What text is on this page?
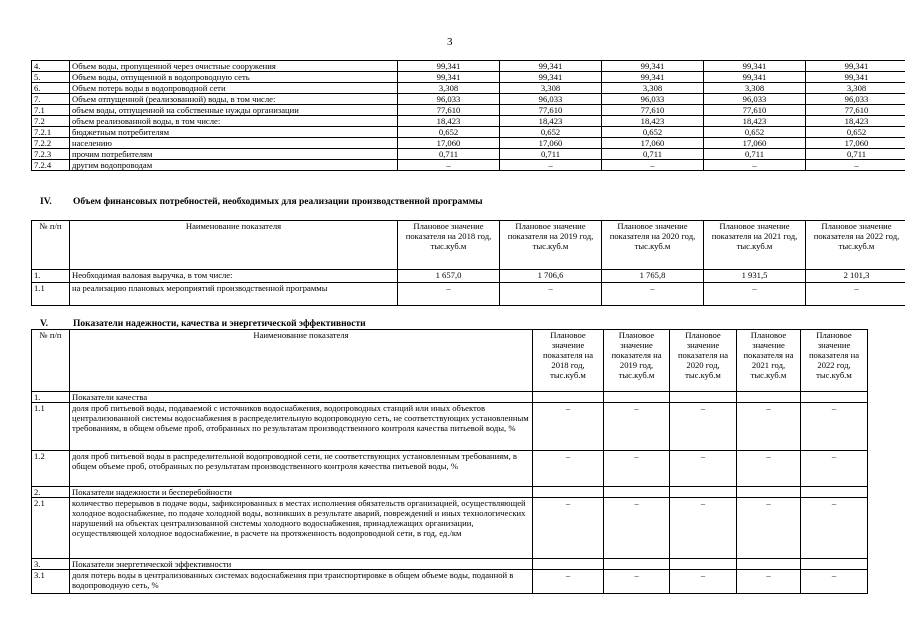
3
4.	Объем воды, пропущенной через очистные сооружения	99,341	99,341	99,341	99,341	99,341
5.	Объем воды, отпущенной в водопроводную сеть	99,341	99,341	99,341	99,341	99,341
6.	Объем потерь воды в водопроводной сети	3,308	3,308	3,308	3,308	3,308
7.	Объем отпущенной (реализованной) воды, в том числе:	96,033	96,033	96,033	96,033	96,033
7.1	объем воды, отпущенной на собственные нужды организации	77,610	77,610	77,610	77,610	77,610
7.2	объем реализованной воды, в том числе:	18,423	18,423	18,423	18,423	18,423
7.2.1	бюджетным потребителям	0,652	0,652	0,652	0,652	0,652
7.2.2	населению	17,060	17,060	17,060	17,060	17,060
7.2.3	прочим потребителям	0,711	0,711	0,711	0,711	0,711
7.2.4	другим водопроводам	–	–	–	–	–
IV. Объем финансовых потребностей, необходимых для реализации производственной программы
№ п/п	Наименование показателя	Плановое значение показателя на 2018 год, тыс.куб.м	Плановое значение показателя на 2019 год, тыс.куб.м	Плановое значение показателя на 2020 год, тыс.куб.м	Плановое значение показателя на 2021 год, тыс.куб.м	Плановое значение показателя на 2022 год, тыс.куб.м
1.	Необходимая валовая выручка, в том числе:	1 657,0	1 706,6	1 765,8	1 931,5	2 101,3
1.1	на реализацию плановых мероприятий производственной программы	–	–	–	–	–
V.	Показатели надежности, качества и энергетической эффективности
№ п/п	Наименование показателя	Плановое значение показателя на 2018 год, тыс.куб.м	Плановое значение показателя на 2019 год, тыс.куб.м	Плановое значение показателя на 2020 год, тыс.куб.м	Плановое значение показателя на 2021 год, тыс.куб.м	Плановое значение показателя на 2022 год, тыс.куб.м
1.	Показатели качества					
1.1	доля проб питьевой воды, подаваемой с источников водоснабжения, водопроводных станций или иных объектов централизованной системы водоснабжения в распределительную водопроводную сеть, не соответствующих установленным требованиям, в общем объеме проб, отобранных по результатам производственного контроля качества питьевой воды, %	–	–	–	–	–
1.2	доля проб питьевой воды в распределительной водопроводной сети, не соответствующих установленным требованиям, в общем объеме проб, отобранных по результатам производственного контроля качества питьевой воды, %	–	–	–	–	–
2.	Показатели надежности и бесперебойности					
2.1	количество перерывов в подаче воды, зафиксированных в местах исполнения обязательств организацией, осуществляющей холодное водоснабжение, по подаче холодной воды, возникших в результате аварий, повреждений и иных технологических нарушений на объектах централизованной системы холодного водоснабжения, принадлежащих организации, осуществляющей холодное водоснабжение, в расчете на протяженность водопроводной сети, в год, ед./км	–	–	–	–	–
3.	Показатели энергетической эффективности					
3.1	доля потерь воды в централизованных системах водоснабжения при транспортировке в общем объеме воды, поданной в водопроводную сеть, %	–	–	–	–	–
